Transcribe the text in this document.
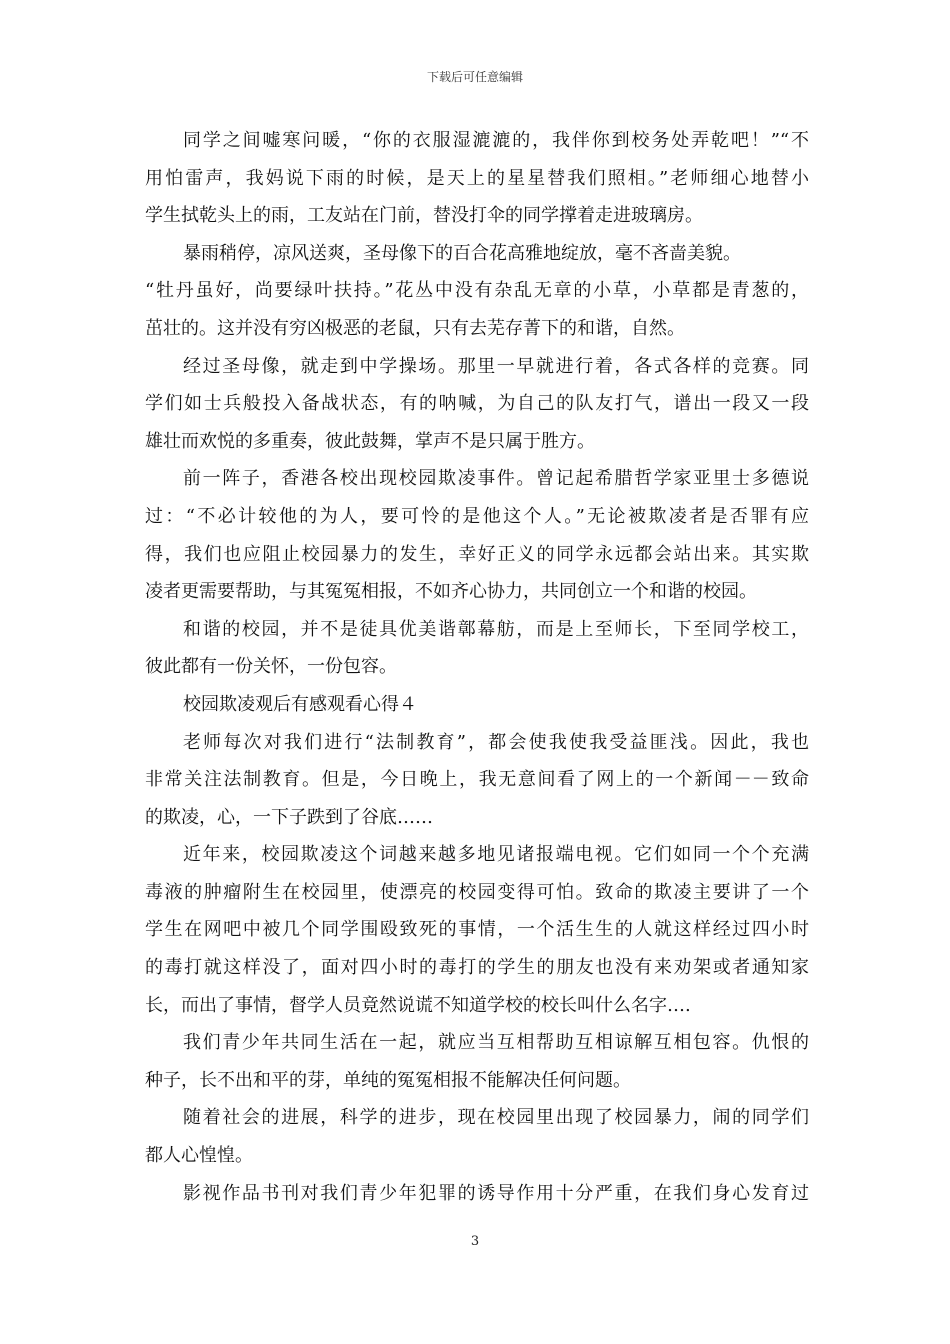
下载后可任意编辑
同学之间嘘寒问暖，“你的衣服湿漉漉的，我伴你到校务处弄乾吧！”“不
用怕雷声，我妈说下雨的时候，是天上的星星替我们照相。”老师细心地替小
学生拭乾头上的雨，工友站在门前，替没打伞的同学撑着走进玻璃房。
暴雨稍停，凉风送爽，圣母像下的百合花高雅地绽放，毫不吝啬美貌。
“牡丹虽好，尚要绿叶扶持。”花丛中没有杂乱无章的小草，小草都是青葱的，
茁壮的。这并没有穷凶极恶的老鼠，只有去芜存菁下的和谐，自然。
经过圣母像，就走到中学操场。那里一早就进行着，各式各样的竞赛。同
学们如士兵般投入备战状态，有的呐喊，为自己的队友打气，谱出一段又一段
雄壮而欢悦的多重奏，彼此鼓舞，掌声不是只属于胜方。
前一阵子，香港各校出现校园欺凌事件。曾记起希腊哲学家亚里士多德说
过：“不必计较他的为人，要可怜的是他这个人。”无论被欺凌者是否罪有应
得，我们也应阻止校园暴力的发生，幸好正义的同学永远都会站出来。其实欺
凌者更需要帮助，与其冤冤相报，不如齐心协力，共同创立一个和谐的校园。
和谐的校园，并不是徒具优美谐鄣幕舫，而是上至师长，下至同学校工，
彼此都有一份关怀，一份包容。
校园欺凌观后有感观看心得４
老师每次对我们进行“法制教育”，都会使我使我受益匪浅。因此，我也
非常关注法制教育。但是，今日晚上，我无意间看了网上的一个新闻－－致命
的欺凌，心，一下子跌到了谷底……
近年来，校园欺凌这个词越来越多地见诸报端电视。它们如同一个个充满
毒液的肿瘤附生在校园里，使漂亮的校园变得可怕。致命的欺凌主要讲了一个
学生在网吧中被几个同学围殴致死的事情，一个活生生的人就这样经过四小时
的毒打就这样没了，面对四小时的毒打的学生的朋友也没有来劝架或者通知家
长，而出了事情，督学人员竟然说谎不知道学校的校长叫什么名字….
我们青少年共同生活在一起，就应当互相帮助互相谅解互相包容。仇恨的
种子，长不出和平的芽，单纯的冤冤相报不能解决任何问题。
随着社会的进展，科学的进步，现在校园里出现了校园暴力，闹的同学们
都人心惶惶。
影视作品书刊对我们青少年犯罪的诱导作用十分严重，在我们身心发育过
3
